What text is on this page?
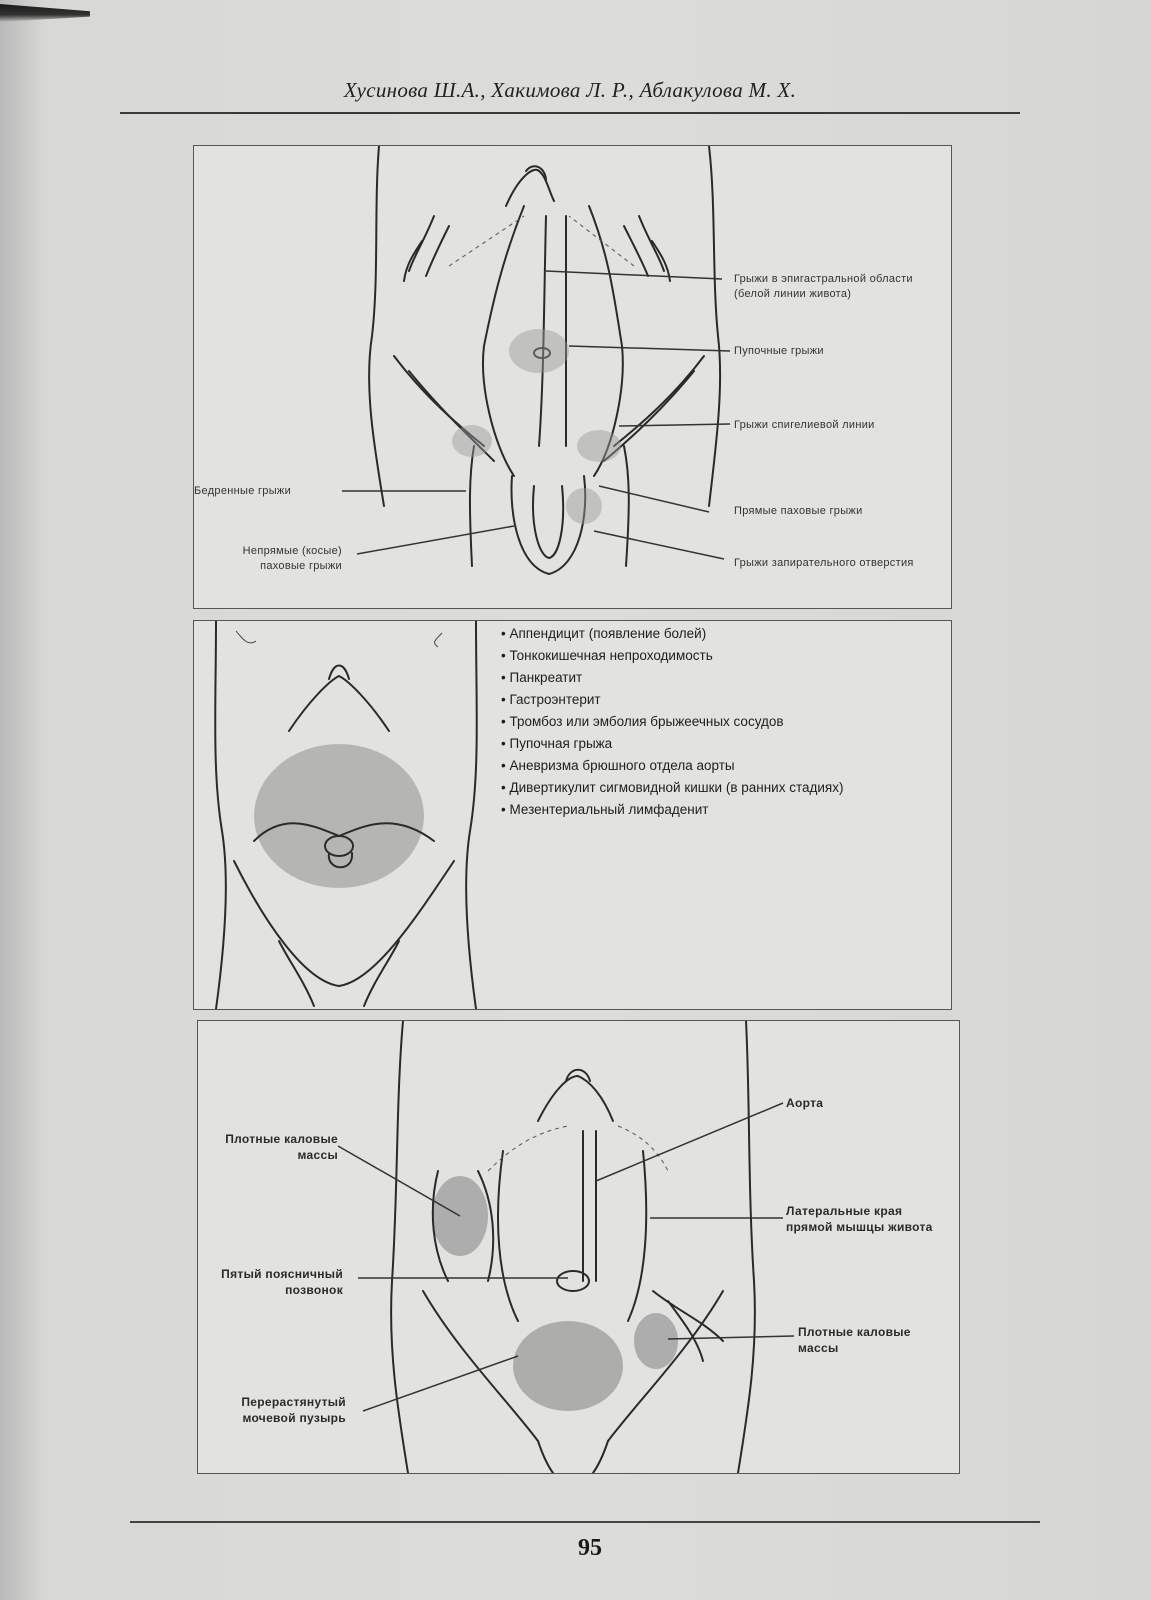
Хусинова Ш.А., Хакимова Л. Р., Аблакулова М. Х.
Грыжи в эпигастральной области (белой линии живота)
Пупочные грыжи
Грыжи спигелиевой линии
Бедренные грыжи
Прямые паховые грыжи
Непрямые (косые) паховые грыжи	Грыжи запирательного отверстия
• Аппендицит (появление болей)
• Тонкокишечная непроходимость
• Панкреатит
• Гастроэнтерит
• Тромбоз или эмболия брыжеечных сосудов
• Пупочная грыжа
• Аневризма брюшного отдела аорты
• Дивертикулит сигмовидной кишки (в ранних стадиях)
• Мезентериальный лимфаденит
Аорта
Плотные каловые массы
Латеральные края прямой мышцы живота
Пятый поясничный позвонок
Плотные каловые массы
Перерастянутый мочевой пузырь
95
